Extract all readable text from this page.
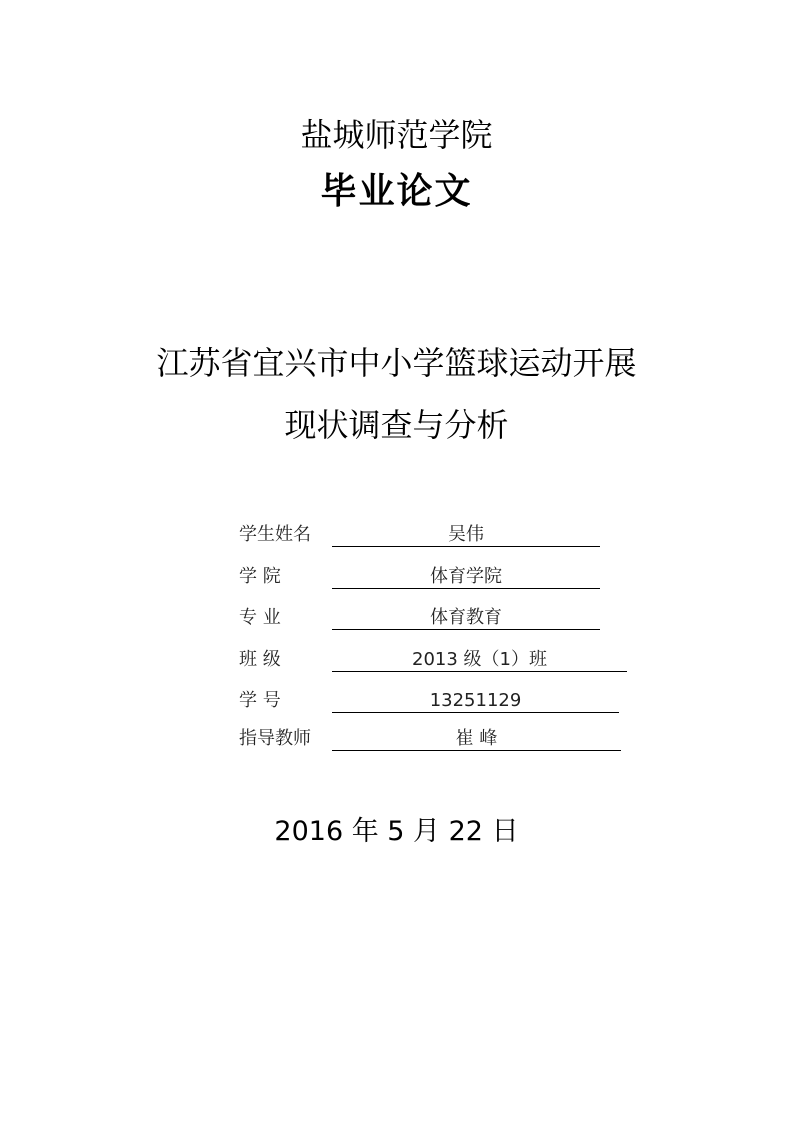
盐城师范学院
毕业论文
江苏省宜兴市中小学篮球运动开展
现状调查与分析
学生姓名	吴伟
学 院	体育学院
专 业	体育教育
班 级	2013 级（1）班
学 号	13251129
指导教师	崔 峰
2016 年 5 月 22 日
